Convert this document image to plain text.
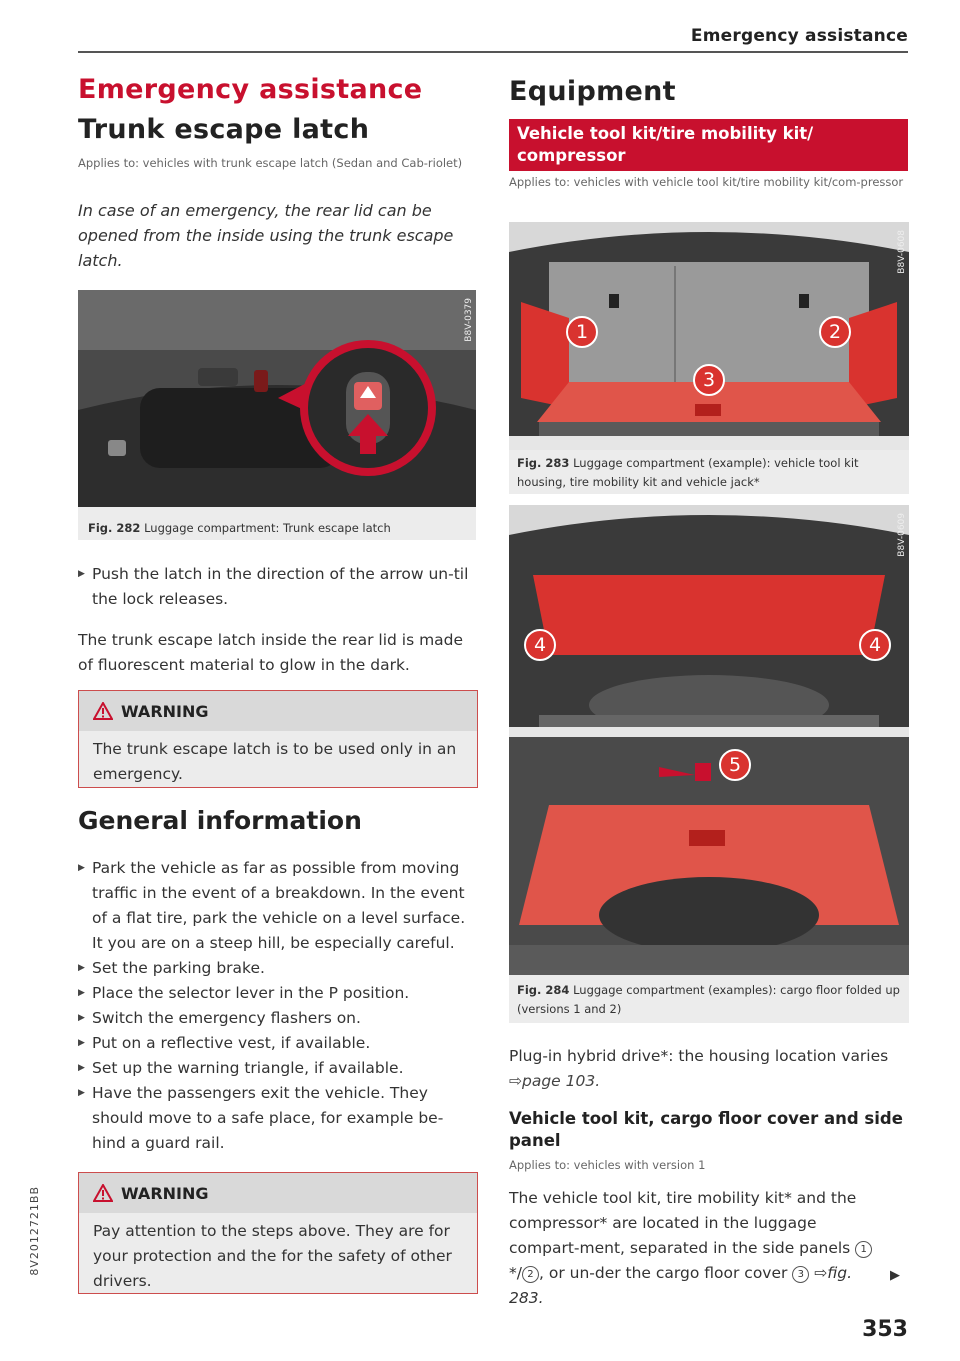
Emergency assistance
Emergency assistance
Trunk escape latch
Applies to: vehicles with trunk escape latch (Sedan and Cab-riolet)
In case of an emergency, the rear lid can be opened from the inside using the trunk escape latch.
B8V-0379
Fig. 282 Luggage compartment: Trunk escape latch
▶ Push the latch in the direction of the arrow un-til the lock releases.
The trunk escape latch inside the rear lid is made of fluorescent material to glow in the dark.
WARNING
The trunk escape latch is to be used only in an emergency.
General information
▶ Park the vehicle as far as possible from moving traffic in the event of a breakdown. In the event of a flat tire, park the vehicle on a level surface. It you are on a steep hill, be especially careful.
▶ Set the parking brake.
▶ Place the selector lever in the P position.
▶ Switch the emergency flashers on.
▶ Put on a reflective vest, if available.
▶ Set up the warning triangle, if available.
▶ Have the passengers exit the vehicle. They should move to a safe place, for example be-hind a guard rail.
WARNING
Pay attention to the steps above. They are for your protection and the for the safety of other drivers.
Equipment
Vehicle tool kit/tire mobility kit/ compressor
Applies to: vehicles with vehicle tool kit/tire mobility kit/com-pressor
1	2
3
B8V-0608
Fig. 283 Luggage compartment (example): vehicle tool kit housing, tire mobility kit and vehicle jack*
4	4
5
B8V-0609
Fig. 284 Luggage compartment (examples): cargo floor folded up (versions 1 and 2)
Plug-in hybrid drive*: the housing location varies
⇨page 103.
Vehicle tool kit, cargo floor cover and side panel
Applies to: vehicles with version 1
The vehicle tool kit, tire mobility kit* and the compressor* are located in the luggage compart-ment, separated in the side panels 1*/ 2 , or un-der the cargo floor cover 3 ⇨fig. 283.
▶
353
8V2012721BB
